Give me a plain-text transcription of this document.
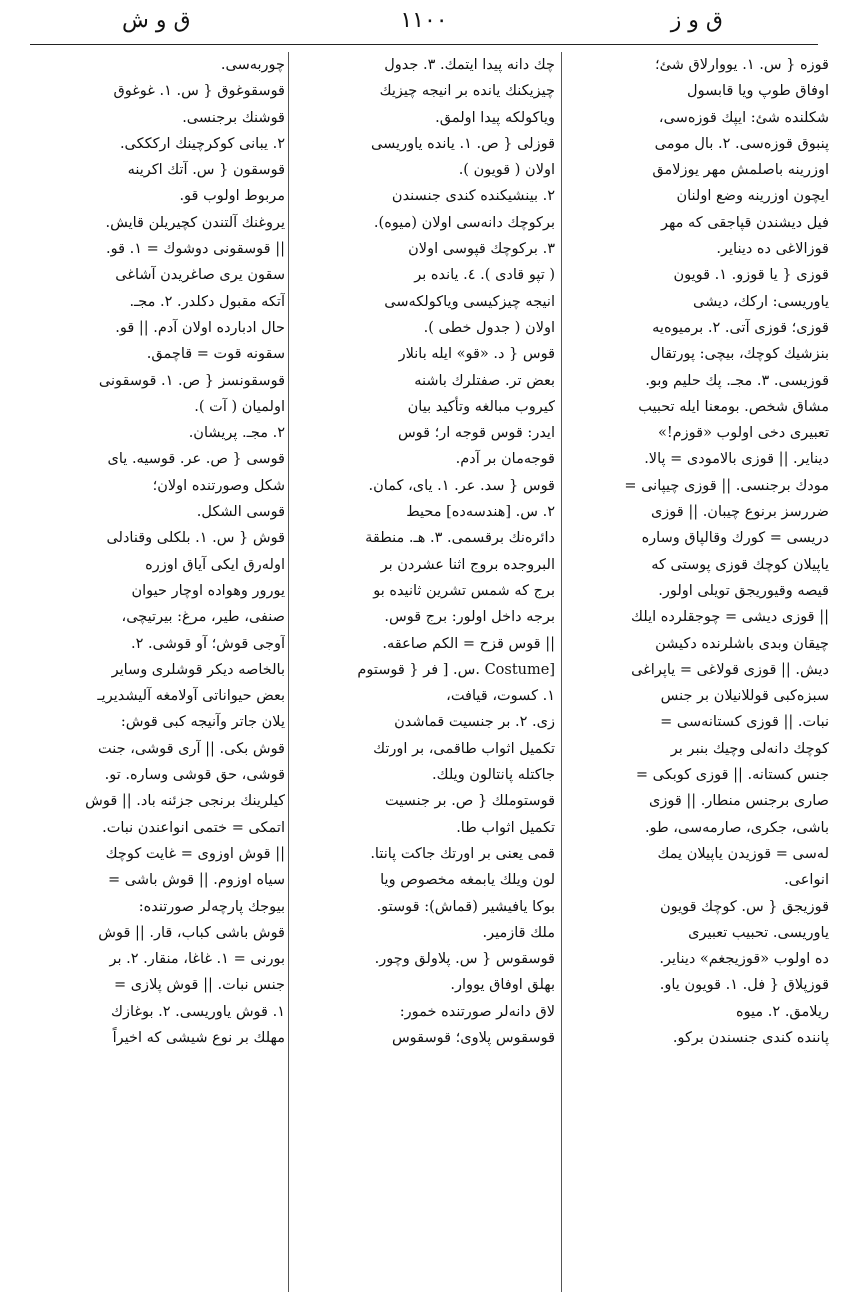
ق و ش	١١٠٠	ق و ز
قوزه { س. ١. يووارلاق شئ؛
اوفاق طوپ ويا قابسول
شكلنده شئ: ايپك قوزه‌سى،
پنبوق قوزه‌سى. ٢. بال مومى
اوزرينه باصلمش مهر يوزلامق
ايچون اوزرينه وضع اولنان
فيل ديشندن قپاجقى كه مهر
قوزالاغى ده ديناير.
قوزى { يا قوزو. ١. قويون
ياوريسى: اركك، ديشى
قوزى؛ قوزى آتى. ٢. برميوه‌يه
بنزشيك كوچك، بيچى: پورتقال
قوزيسى. ٣. مجـ. پك حليم وبو.
مشاق شخص. بومعنا ايله تحبيب
تعبيرى دخى اولوب «قوزم!»
ديناير. || قوزى بالامودى = پالا.
مودك برجنسى. || قوزى چيپانى =
ضررسز برنوع چيبان. || قوزى
دريسى = كورك وقالپاق وساره
ياپيلان كوچك قوزى پوستى كه
قيصه وقيوريجق تويلى اولور.
|| قوزى ديشى = چوجقلرده ايلك
چيقان وبدى باشلرنده دكيشن
ديش. || قوزى قولاغى = ياپراغى
سبزه‌كبى قوللانيلان بر جنس
نبات. || قوزى كستانه‌سى =
كوچك دانه‌لى وچيك بنبر بر
جنس كستانه. || قوزى كوبكى =
صارى برجنس منطار. || قوزى
باشى، جكرى، صارمه‌سى، طو.
له‌سى = قوزيدن ياپيلان يمك
انواعى.
قوزيجق { س. كوچك قويون
ياوريسى. تحبيب تعبيرى
ده اولوب «قوزيجغم» ديناير.
قوزپلاق { فل. ١. قويون ياو.
ريلامق. ٢. ميوه
پاننده كندى جنسندن بركو.
چك دانه پيدا ايتمك. ٣. جدول
چيزيكنك يانده بر انيجه چيزيك
وياكولكه پيدا اولمق.
قوزلى { ص. ١. يانده ياوريسى
اولان ( قويون ).
٢. بينشيكنده كندى جنسندن
بركوچك دانه‌سى اولان (ميوه).
٣. بركوچك قپوسى اولان
( تپو قادى ). ٤. يانده بر
انيجه چيزكيسى وياكولكه‌سى
اولان ( جدول خطى ).
قوس { د. «قو» ايله بانلار
بعض تر. صفتلرك باشنه
كيروب مبالغه وتأكيد بيان
ايدر: قوس قوجه ار؛ قوس
قوجه‌مان بر آدم.
قوس { سد. عر. ١. ياى، كمان.
٢. س. [هندسه‌ده] محيط
دائره‌نك برقسمى. ٣. هـ. منطقة
البروجده بروج اثنا عشردن بر
برج كه شمس تشرين ثانيده بو
برجه داخل اولور: برج قوس.
|| قوس قزح = الكم صاعقه.
[Costume .س. [ فر { قوستوم
١. كسوت، قيافت،
زى. ٢. بر جنسيت قماشدن
تكميل اثواب طاقمى، بر اورتك
جاكتله پانتالون ويلك.
قوستوملك { ص. بر جنسيت
تكميل اثواب طا.
قمى يعنى بر اورتك جاكت پانتا.
لون ويلك يابمغه مخصوص ويا
بوكا يافيشير (قماش): قوستو.
ملك قازمير.
قوسقوس { س. پلاولق وچور.
بهلق اوفاق يووار.
لاق دانه‌لر صورتنده خمور:
قوسقوس پلاوى؛ قوسقوس
چوربه‌سى.
قوسقوغوق { س. ١. غوغوق
قوشنك برجنسى.
٢. يبانى كوكرچينك اركككى.
قوسقون { س. آتك اكرينه
مربوط اولوب قو.
يروغنك آلتندن كچيريلن قايش.
|| قوسقونى دوشوك = ١. قو.
سقون يرى صاغريدن آشاغى
آتكه مقبول دكلدر. ٢. مجـ.
حال ادبارده اولان آدم. || قو.
سقونه قوت = قاچمق.
قوسقونسز { ص. ١. قوسقونى
اولميان ( آت ).
٢. مجـ. پريشان.
قوسى { ص. عر. قوسيه. ياى
شكل وصورتنده اولان؛
قوسى الشكل.
قوش { س. ١. بلكلى وقنادلى
اوله‌رق ايكى آياق اوزره
يورور وهواده اوچار حيوان
صنفى، طير، مرغ: بيرتيچى،
آوجى قوش؛ آو قوشى. ٢.
بالخاصه ديكر قوشلرى وساير
بعض حيواناتى آولامغه آليشديريـ
يلان جاتر وآنيجه كبى قوش:
قوش بكى. || آرى قوشى، جنت
قوشى، حق قوشى وساره. تو.
كيلرينك برنجى جزئنه باد. || قوش
اتمكى = ختمى انواعندن نبات.
|| قوش اوزوى = غايت كوچك
سياه اوزوم. || قوش باشى =
بيوجك پارچه‌لر صورتنده:
قوش باشى كباب، قار. || قوش
بورنى = ١. غاغا، منقار. ٢. بر
جنس نبات. || قوش پلازى =
١. قوش ياوريسى. ٢. بوغازك
مهلك بر نوع شيشى كه اخيراً
